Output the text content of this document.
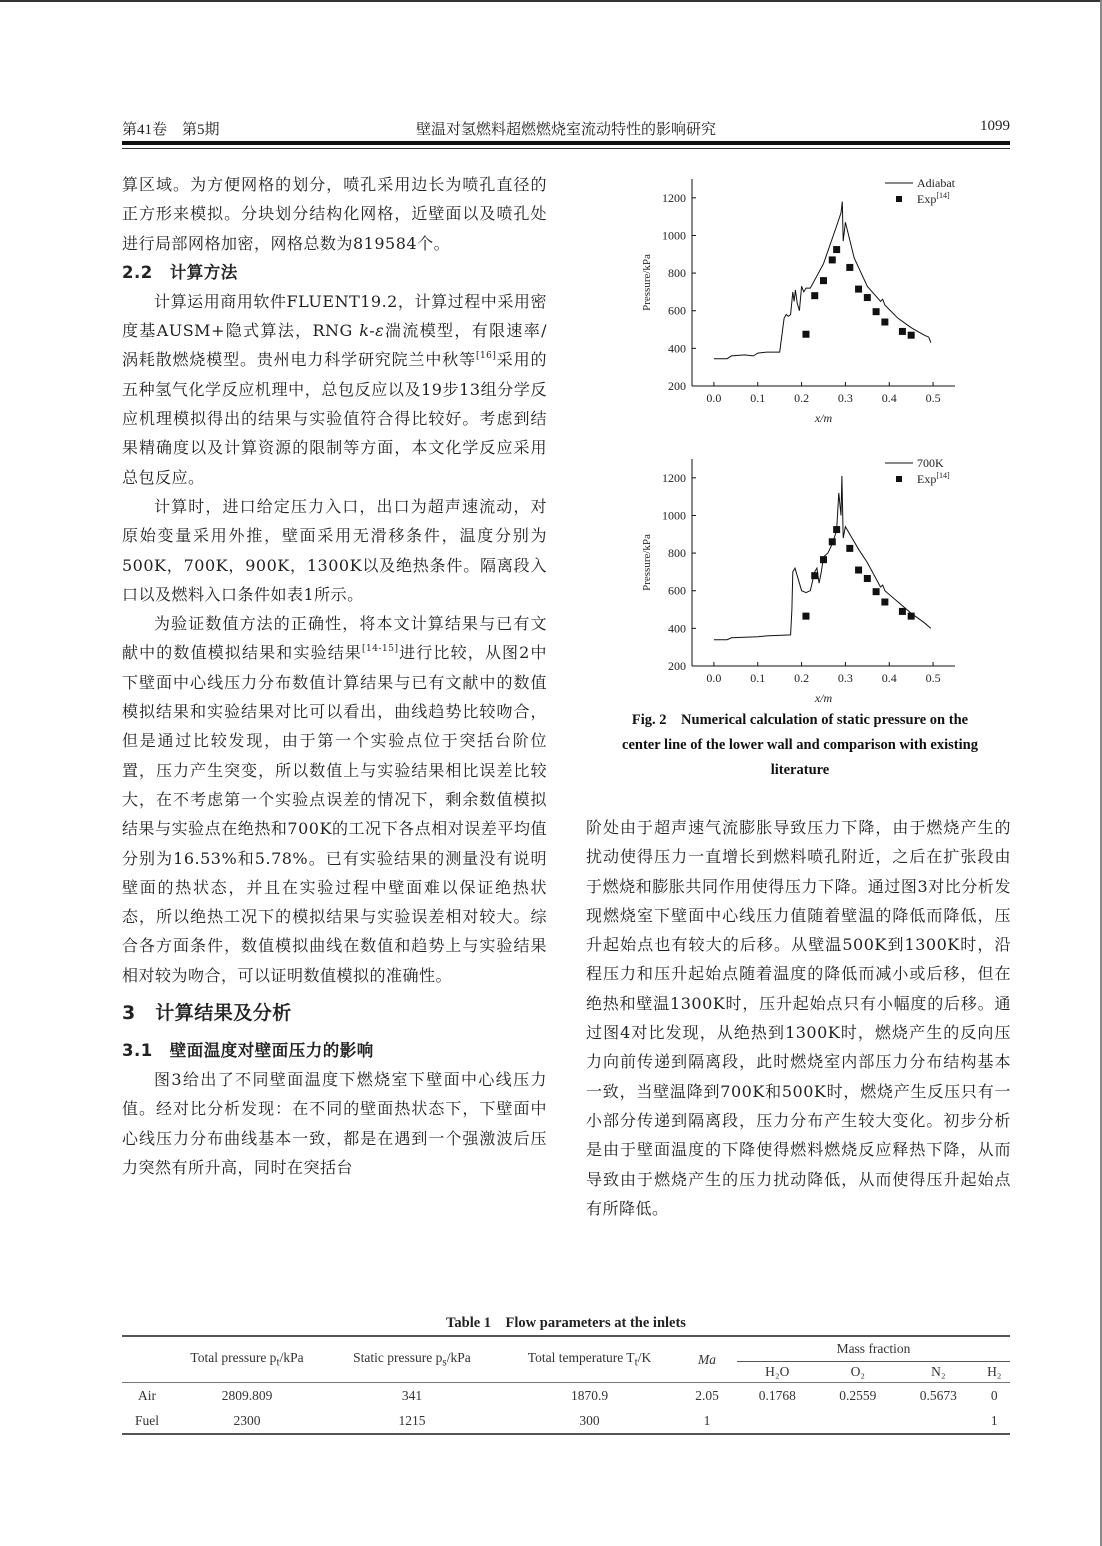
第41卷　第5期	壁温对氢燃料超燃燃烧室流动特性的影响研究	1099

算区域。为方便网格的划分，喷孔采用边长为喷孔直径的正方形来模拟。分块划分结构化网格，近壁面以及喷孔处进行局部网格加密，网格总数为819584个。

2.2　计算方法

计算运用商用软件FLUENT19.2，计算过程中采用密度基AUSM+隐式算法，RNG k-ε湍流模型，有限速率/涡耗散燃烧模型。贵州电力科学研究院兰中秋等[16]采用的五种氢气化学反应机理中，总包反应以及19步13组分学反应机理模拟得出的结果与实验值符合得比较好。考虑到结果精确度以及计算资源的限制等方面，本文化学反应采用总包反应。

计算时，进口给定压力入口，出口为超声速流动，对原始变量采用外推，壁面采用无滑移条件，温度分别为500K，700K，900K，1300K以及绝热条件。隔离段入口以及燃料入口条件如表1所示。

为验证数值方法的正确性，将本文计算结果与已有文献中的数值模拟结果和实验结果[14-15]进行比较，从图2中下壁面中心线压力分布数值计算结果与已有文献中的数值模拟结果和实验结果对比可以看出，曲线趋势比较吻合，但是通过比较发现，由于第一个实验点位于突括台阶位置，压力产生突变，所以数值上与实验结果相比误差比较大，在不考虑第一个实验点误差的情况下，剩余数值模拟结果与实验点在绝热和700K的工况下各点相对误差平均值分别为16.53%和5.78%。已有实验结果的测量没有说明壁面的热状态，并且在实验过程中壁面难以保证绝热状态，所以绝热工况下的模拟结果与实验误差相对较大。综合各方面条件，数值模拟曲线在数值和趋势上与实验结果相对较为吻合，可以证明数值模拟的准确性。

3　计算结果及分析
3.1　壁面温度对壁面压力的影响

图3给出了不同壁面温度下燃烧室下壁面中心线压力值。经对比分析发现：在不同的壁面热状态下，下壁面中心线压力分布曲线基本一致，都是在遇到一个强激波后压力突然有所升高，同时在突括台

200
400
600
800
1000
1200
0.0 0.1 0.2 0.3 0.4 0.5
x/m
Pressure/kPa
Adiabat
Exp[14]
200
400
600
800
1000
1200
0.0 0.1 0.2 0.3 0.4 0.5
x/m
Pressure/kPa
700K
Exp[14]
Fig. 2　Numerical calculation of static pressure on the
center line of the lower wall and comparison with existing
literature

阶处由于超声速气流膨胀导致压力下降，由于燃烧产生的扰动使得压力一直增长到燃料喷孔附近，之后在扩张段由于燃烧和膨胀共同作用使得压力下降。通过图3对比分析发现燃烧室下壁面中心线压力值随着壁温的降低而降低，压升起始点也有较大的后移。从壁温500K到1300K时，沿程压力和压升起始点随着温度的降低而减小或后移，但在绝热和壁温1300K时，压升起始点只有小幅度的后移。通过图4对比发现，从绝热到1300K时，燃烧产生的反向压力向前传递到隔离段，此时燃烧室内部压力分布结构基本一致，当壁温降到700K和500K时，燃烧产生反压只有一小部分传递到隔离段，压力分布产生较大变化。初步分析是由于壁面温度的下降使得燃料燃烧反应释热下降，从而导致由于燃烧产生的压力扰动降低，从而使得压升起始点有所降低。

Table 1　Flow parameters at the inlets
	Total pressure $p_t$/kPa	Static pressure $p_s$/kPa	Total temperature $T_t/K$	Ma	Mass fraction			
					H₂O	O₂	N₂	H₂
Air	2809.809	341	1870.9	2.05	0.1768	0.2559	0.5673	0
Fuel	2300	1215	300	1				1
